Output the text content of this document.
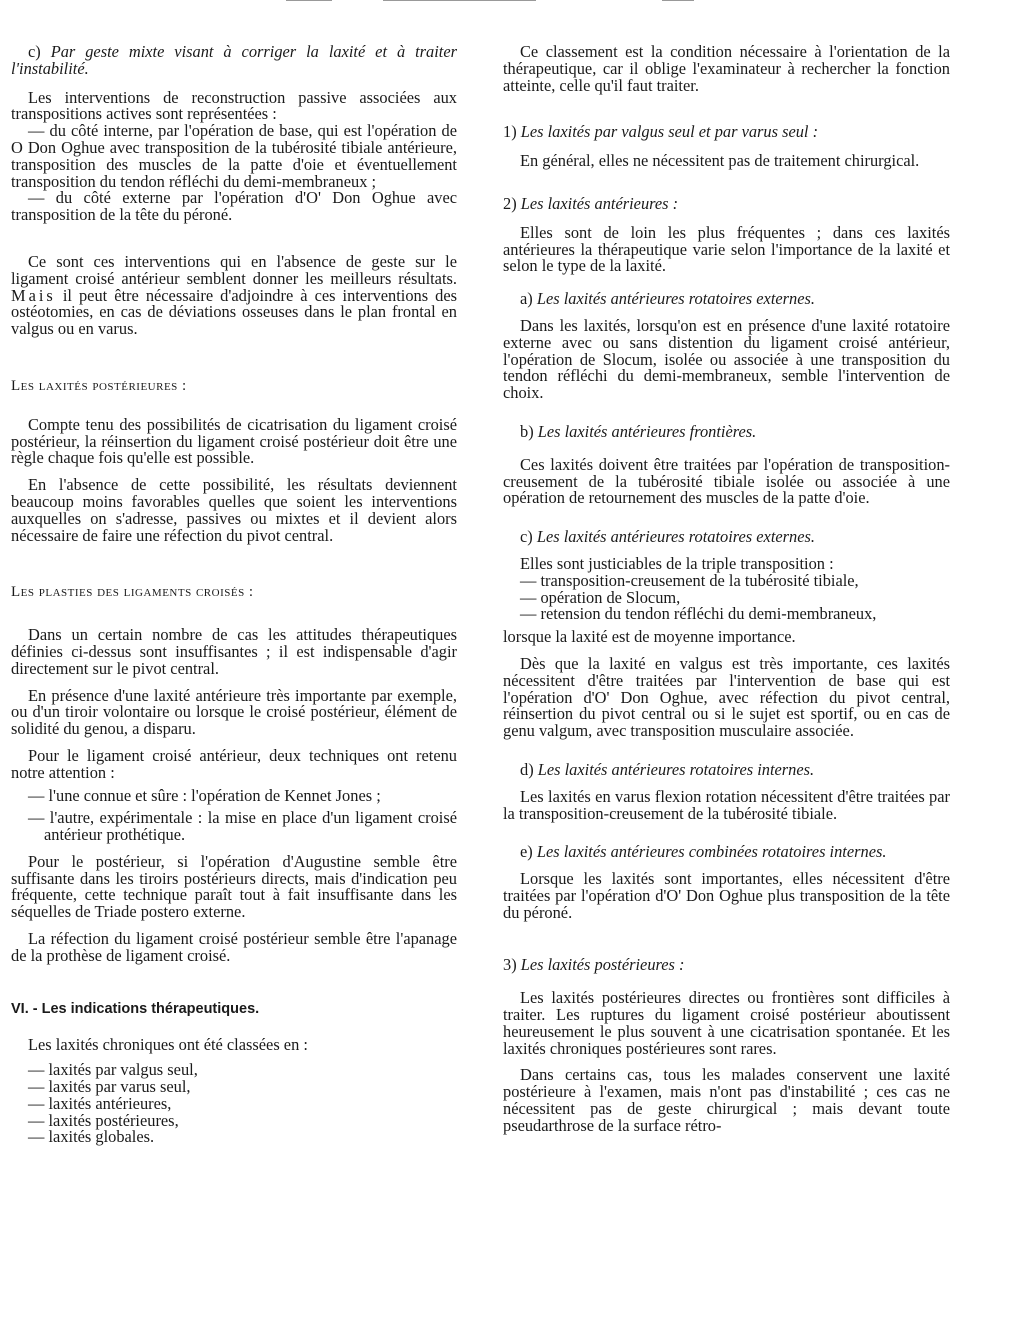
c) Par geste mixte visant à corriger la laxité et à traiter l'instabilité.

Les interventions de reconstruction passive associées aux transpositions actives sont représentées :

— du côté interne, par l'opération de base, qui est l'opération de O Don Oghue avec transposition de la tubérosité tibiale antérieure, transposition des muscles de la patte d'oie et éventuellement transposition du tendon réfléchi du demi-membraneux ;

— du côté externe par l'opération d'O' Don Oghue avec transposition de la tête du péroné.

Ce sont ces interventions qui en l'absence de geste sur le ligament croisé antérieur semblent donner les meilleurs résultats. Mais il peut être nécessaire d'adjoindre à ces interventions des ostéotomies, en cas de déviations osseuses dans le plan frontal en valgus ou en varus.

Les laxités postérieures :

Compte tenu des possibilités de cicatrisation du ligament croisé postérieur, la réinsertion du ligament croisé postérieur doit être une règle chaque fois qu'elle est possible.

En l'absence de cette possibilité, les résultats deviennent beaucoup moins favorables quelles que soient les interventions auxquelles on s'adresse, passives ou mixtes et il devient alors nécessaire de faire une réfection du pivot central.

Les plasties des ligaments croisés :

Dans un certain nombre de cas les attitudes thérapeutiques définies ci-dessus sont insuffisantes ; il est indispensable d'agir directement sur le pivot central.

En présence d'une laxité antérieure très importante par exemple, ou d'un tiroir volontaire ou lorsque le croisé postérieur, élément de solidité du genou, a disparu.

Pour le ligament croisé antérieur, deux techniques ont retenu notre attention :

— l'une connue et sûre : l'opération de Kennet Jones ;

— l'autre, expérimentale : la mise en place d'un ligament croisé antérieur prothétique.

Pour le postérieur, si l'opération d'Augustine semble être suffisante dans les tiroirs postérieurs directs, mais d'indication peu fréquente, cette technique paraît tout à fait insuffisante dans les séquelles de Triade postero externe.

La réfection du ligament croisé postérieur semble être l'apanage de la prothèse de ligament croisé.

VI. - Les indications thérapeutiques.

Les laxités chroniques ont été classées en :

— laxités par valgus seul,

— laxités par varus seul,

— laxités antérieures,

— laxités postérieures,

— laxités globales.

Ce classement est la condition nécessaire à l'orientation de la thérapeutique, car il oblige l'examinateur à rechercher la fonction atteinte, celle qu'il faut traiter.

1) Les laxités par valgus seul et par varus seul :

En général, elles ne nécessitent pas de traitement chirurgical.

2) Les laxités antérieures :

Elles sont de loin les plus fréquentes ; dans ces laxités antérieures la thérapeutique varie selon l'importance de la laxité et selon le type de la laxité.

a) Les laxités antérieures rotatoires externes.

Dans les laxités, lorsqu'on est en présence d'une laxité rotatoire externe avec ou sans distention du ligament croisé antérieur, l'opération de Slocum, isolée ou associée à une transposition du tendon réfléchi du demi-membraneux, semble l'intervention de choix.

b) Les laxités antérieures frontières.

Ces laxités doivent être traitées par l'opération de transposition-creusement de la tubérosité tibiale isolée ou associée à une opération de retournement des muscles de la patte d'oie.

c) Les laxités antérieures rotatoires externes.

Elles sont justiciables de la triple transposition :

— transposition-creusement de la tubérosité tibiale,

— opération de Slocum,

— retension du tendon réfléchi du demi-membraneux,

lorsque la laxité est de moyenne importance.

Dès que la laxité en valgus est très importante, ces laxités nécessitent d'être traitées par l'intervention de base qui est l'opération d'O' Don Oghue, avec réfection du pivot central, réinsertion du pivot central ou si le sujet est sportif, ou en cas de genu valgum, avec transposition musculaire associée.

d) Les laxités antérieures rotatoires internes.

Les laxités en varus flexion rotation nécessitent d'être traitées par la transposition-creusement de la tubérosité tibiale.

e) Les laxités antérieures combinées rotatoires internes.

Lorsque les laxités sont importantes, elles nécessitent d'être traitées par l'opération d'O' Don Oghue plus transposition de la tête du péroné.

3) Les laxités postérieures :

Les laxités postérieures directes ou frontières sont difficiles à traiter. Les ruptures du ligament croisé postérieur aboutissent heureusement le plus souvent à une cicatrisation spontanée. Et les laxités chroniques postérieures sont rares.

Dans certains cas, tous les malades conservent une laxité postérieure à l'examen, mais n'ont pas d'instabilité ; ces cas ne nécessitent pas de geste chirurgical ; mais devant toute pseudarthrose de la surface rétro-
